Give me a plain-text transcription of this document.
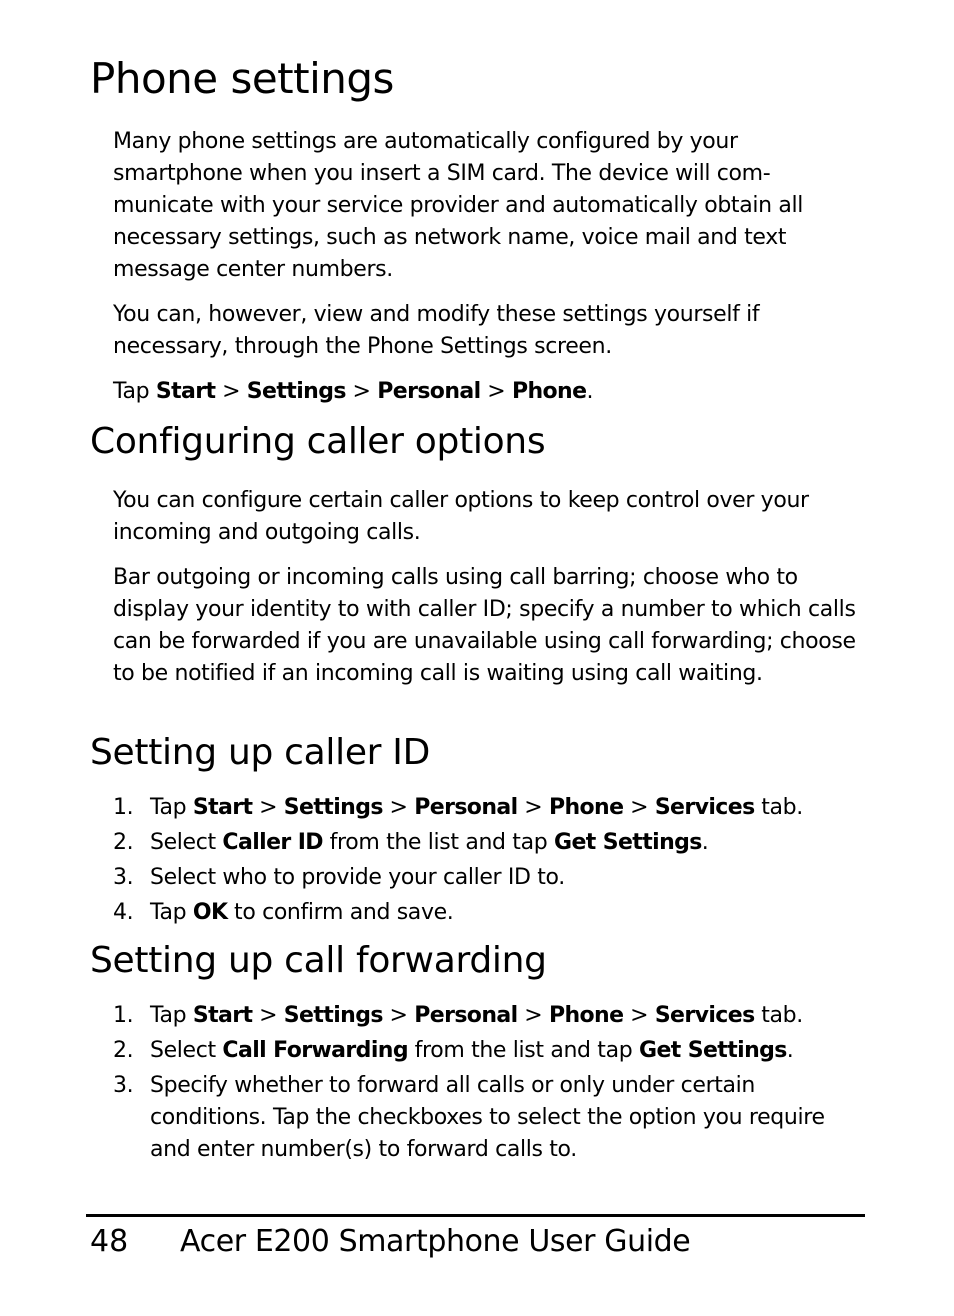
Phone settings

Many phone settings are automatically configured by your smartphone when you insert a SIM card. The device will com-municate with your service provider and automatically obtain all necessary settings, such as network name, voice mail and text message center numbers.

You can, however, view and modify these settings yourself if necessary, through the Phone Settings screen.

Tap Start > Settings > Personal > Phone.

Configuring caller options

You can configure certain caller options to keep control over your incoming and outgoing calls.

Bar outgoing or incoming calls using call barring; choose who to display your identity to with caller ID; specify a number to which calls can be forwarded if you are unavailable using call forwarding; choose to be notified if an incoming call is waiting using call waiting.

Setting up caller ID
1. Tap Start > Settings > Personal > Phone > Services tab.
2. Select Caller ID from the list and tap Get Settings.
3. Select who to provide your caller ID to.
4. Tap OK to confirm and save.
Setting up call forwarding
1. Tap Start > Settings > Personal > Phone > Services tab.
2. Select Call Forwarding from the list and tap Get Settings.
3. Specify whether to forward all calls or only under certain conditions. Tap the checkboxes to select the option you require and enter number(s) to forward calls to.
48 Acer E200 Smartphone User Guide
